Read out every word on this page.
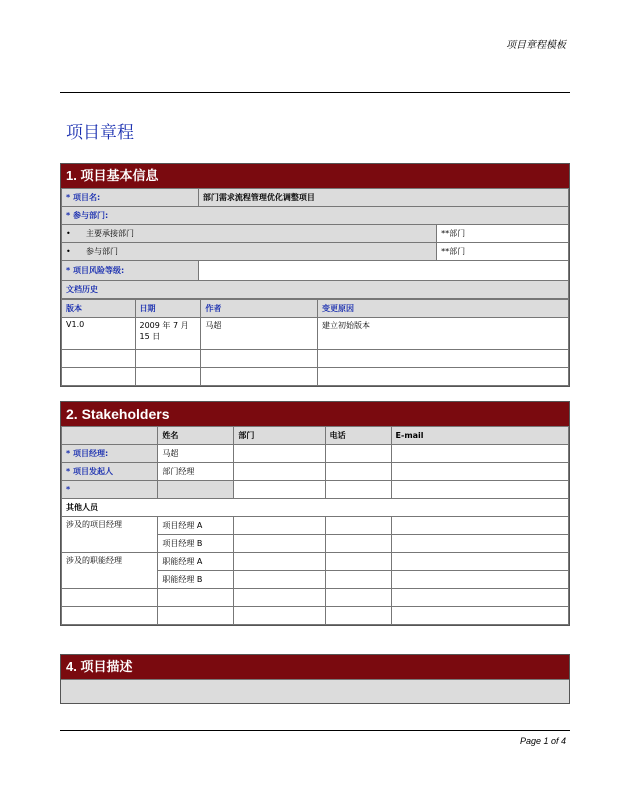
项目章程模板
项目章程
1. 项目基本信息
* 项目名:	部门需求流程管理优化调整项目	
* 参与部门:		
• 主要承接部门		**部门
• 参与部门		**部门
* 项目风险等级:		
文档历史		
版本	日期	作者	变更原因
V1.0	2009 年 7 月 15 日	马超	建立初始版本

2. Stakeholders
	姓名	部门	电话	E-mail
* 项目经理:	马超			
* 项目发起人	部门经理			
*				
其他人员				
涉及的项目经理	项目经理 A			
	项目经理 B			
涉及的职能经理	职能经理 A			
	职能经理 B			

4. 项目描述
Page 1 of 4
